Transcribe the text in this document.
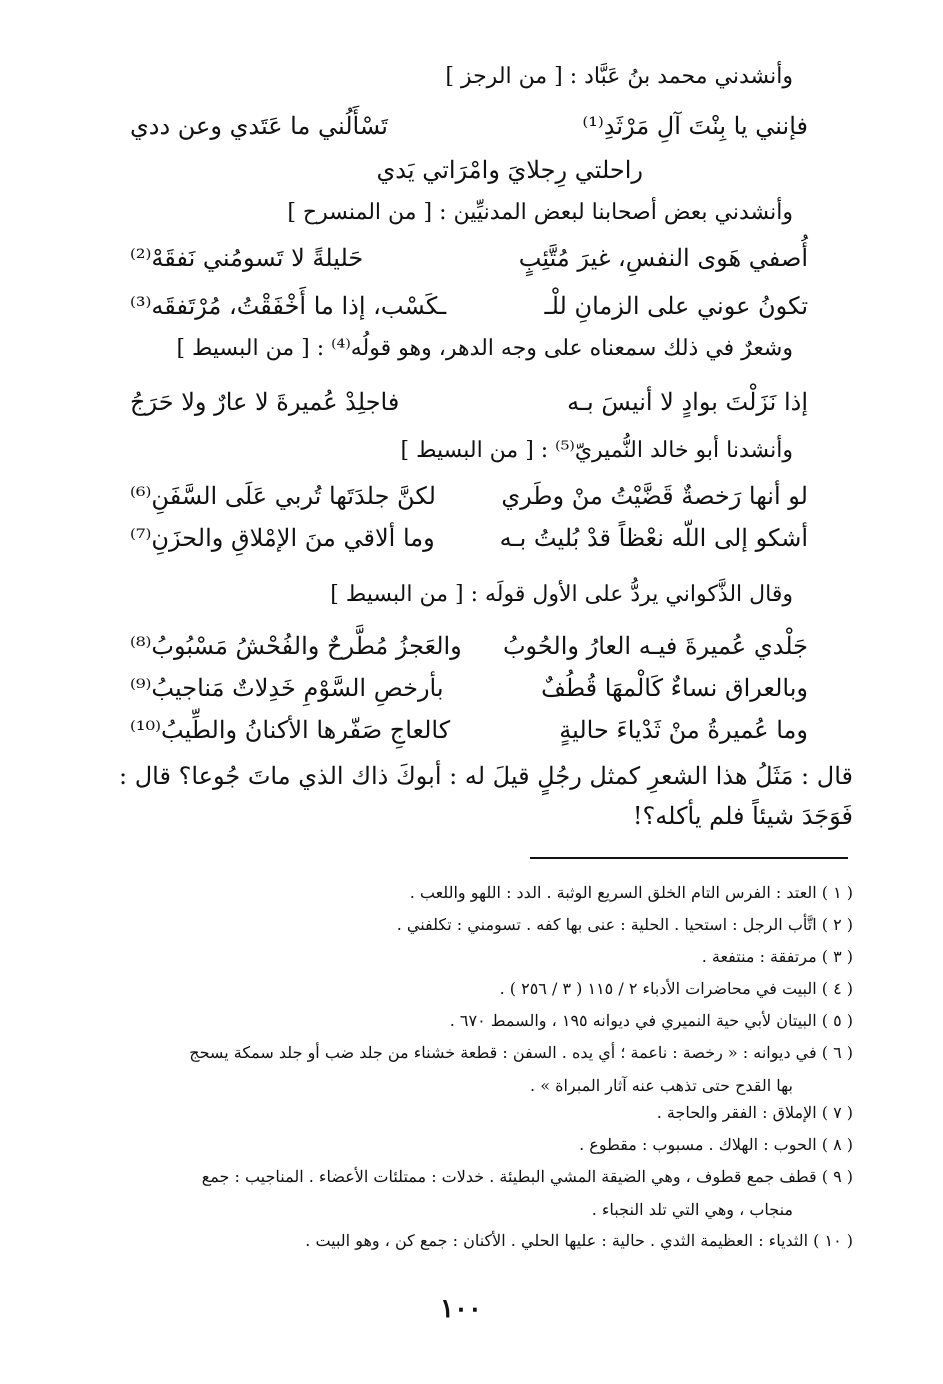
وأنشدني محمد بنُ عَبَّاد : [ من الرجز ]
فإنني يا بِنْتَ آلِ مَرْثَدِ⁽¹⁾
تَسْأَلُني ما عَتَدي وعن ددي
راحلتي رِجلايَ وامْرَاتي يَدي
وأنشدني بعض أصحابنا لبعض المدنيِّين : [ من المنسرح ]
أُصفي هَوى النفسِ، غيرَ مُتَّئِبٍ
حَليلةً لا تَسومُني نَفقَهْ⁽²⁾
تكونُ عوني على الزمانِ للْـ
ـكَسْب، إذا ما أَخْفَقْتُ، مُرْتَفقَه⁽³⁾
وشعرٌ في ذلك سمعناه على وجه الدهر، وهو قولُه⁽⁴⁾ : [ من البسيط ]
إذا نَزَلْتَ بوادٍ لا أنيسَ بـه
فاجلِدْ عُميرةَ لا عارٌ ولا حَرَجُ
وأنشدنا أبو خالد النُّميريّ⁽⁵⁾ : [ من البسيط ]
لو أنها رَخصةٌ قَضَّيْتُ منْ وطَري
لكنَّ جلدَتَها تُربي عَلَى السَّفَنِ⁽⁶⁾
أشكو إلى اللّه نعْظاً قدْ بُليتُ بـه
وما ألاقي منَ الإمْلاقِ والحزَنِ⁽⁷⁾
وقال الذَّكواني يردُّ على الأول قولَه : [ من البسيط ]
جَلْدي عُميرةَ فيـه العارُ والحُوبُ
والعَجزُ مُطَّرحٌ والفُحْشُ مَسْبُوبُ⁽⁸⁾
وبالعراق نساءٌ كَالْمهَا قُطُفٌ
بأرخصِ السَّوْمِ خَدِلاتٌ مَناجيبُ⁽⁹⁾
وما عُميرةُ منْ ثَدْياءَ حاليةٍ
كالعاجِ صَفّرها الأكنانُ والطِّيبُ⁽¹⁰⁾
قال : مَثَلُ هذا الشعرِ كمثل رجُلٍ قيلَ له : أبوكَ ذاك الذي ماتَ جُوعا؟ قال :
فَوَجَدَ شيئاً فلم يأكله؟!
( ١ ) العتد : الفرس التام الخلق السريع الوثبة . الدد : اللهو واللعب .
( ٢ ) اتَّأب الرجل : استحيا . الحلية : عنى بها كفه . تسومني : تكلفني .
( ٣ ) مرتفقة : منتفعة .
( ٤ ) البيت في محاضرات الأدباء ٢ / ١١٥ ( ٣ / ٢٥٦ ) .
( ٥ ) البيتان لأبي حية النميري في ديوانه ١٩٥ ، والسمط ٦٧٠ .
( ٦ ) في ديوانه : « رخصة : ناعمة ؛ أي يده . السفن : قطعة خشناء من جلد ضب أو جلد سمكة يسحج
بها القدح حتى تذهب عنه آثار المبراة » .
( ٧ ) الإملاق : الفقر والحاجة .
( ٨ ) الحوب : الهلاك . مسبوب : مقطوع .
( ٩ ) قطف جمع قطوف ، وهي الضيقة المشي البطيئة . خدلات : ممتلئات الأعضاء . المناجيب : جمع
منجاب ، وهي التي تلد النجباء .
( ١٠ ) الثدياء : العظيمة الثدي . حالية : عليها الحلي . الأكنان : جمع كن ، وهو البيت .
١٠٠
